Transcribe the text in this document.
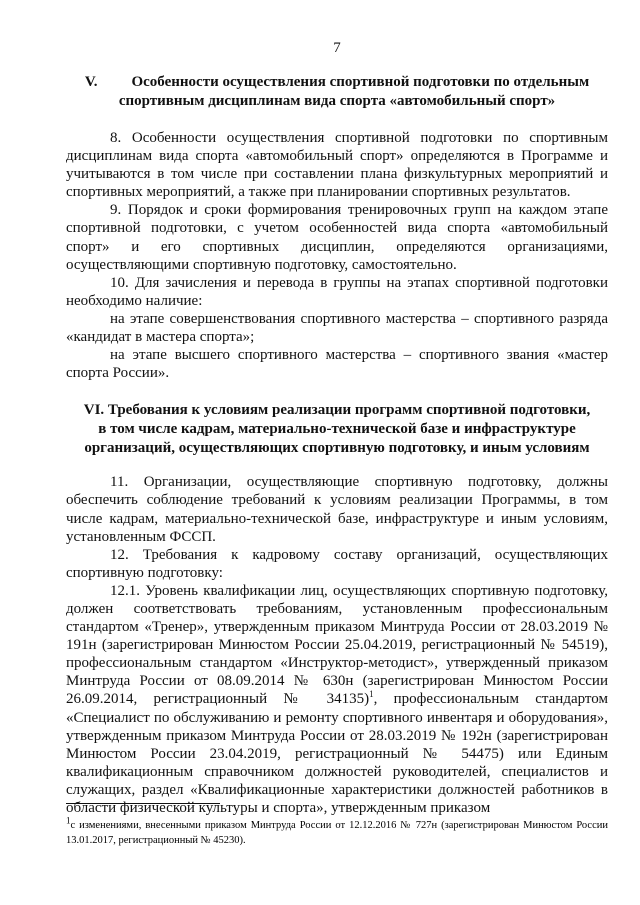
7
V. Особенности осуществления спортивной подготовки по отдельным
спортивным дисциплинам вида спорта «автомобильный спорт»

8. Особенности осуществления спортивной подготовки по спортивным дисциплинам вида спорта «автомобильный спорт» определяются в Программе и учитываются в том числе при составлении плана физкультурных мероприятий и спортивных мероприятий, а также при планировании спортивных результатов.

9. Порядок и сроки формирования тренировочных групп на каждом этапе спортивной подготовки, с учетом особенностей вида спорта «автомобильный спорт» и его спортивных дисциплин, определяются организациями, осуществляющими спортивную подготовку, самостоятельно.

10. Для зачисления и перевода в группы на этапах спортивной подготовки необходимо наличие:

на этапе совершенствования спортивного мастерства – спортивного разряда «кандидат в мастера спорта»;

на этапе высшего спортивного мастерства – спортивного звания «мастер спорта России».

VI. Требования к условиям реализации программ спортивной подготовки,
в том числе кадрам, материально-технической базе и инфраструктуре
организаций, осуществляющих спортивную подготовку, и иным условиям

11. Организации, осуществляющие спортивную подготовку, должны обеспечить соблюдение требований к условиям реализации Программы, в том числе кадрам, материально-технической базе, инфраструктуре и иным условиям, установленным ФССП.

12. Требования к кадровому составу организаций, осуществляющих спортивную подготовку:

12.1. Уровень квалификации лиц, осуществляющих спортивную подготовку, должен соответствовать требованиям, установленным профессиональным стандартом «Тренер», утвержденным приказом Минтруда России от 28.03.2019 № 191н (зарегистрирован Минюстом России 25.04.2019, регистрационный № 54519), профессиональным стандартом «Инструктор-методист», утвержденный приказом Минтруда России от 08.09.2014 № 630н (зарегистрирован Минюстом России 26.09.2014, регистрационный № 34135)$^1$, профессиональным стандартом «Специалист по обслуживанию и ремонту спортивного инвентаря и оборудования», утвержденным приказом Минтруда России от 28.03.2019 № 192н (зарегистрирован Минюстом России 23.04.2019, регистрационный № 54475) или Единым квалификационным справочником должностей руководителей, специалистов и служащих, раздел «Квалификационные характеристики должностей работников в области физической культуры и спорта», утвержденным приказом

$^1$с изменениями, внесенными приказом Минтруда России от 12.12.2016 № 727н (зарегистрирован Минюстом России 13.01.2017, регистрационный № 45230).
